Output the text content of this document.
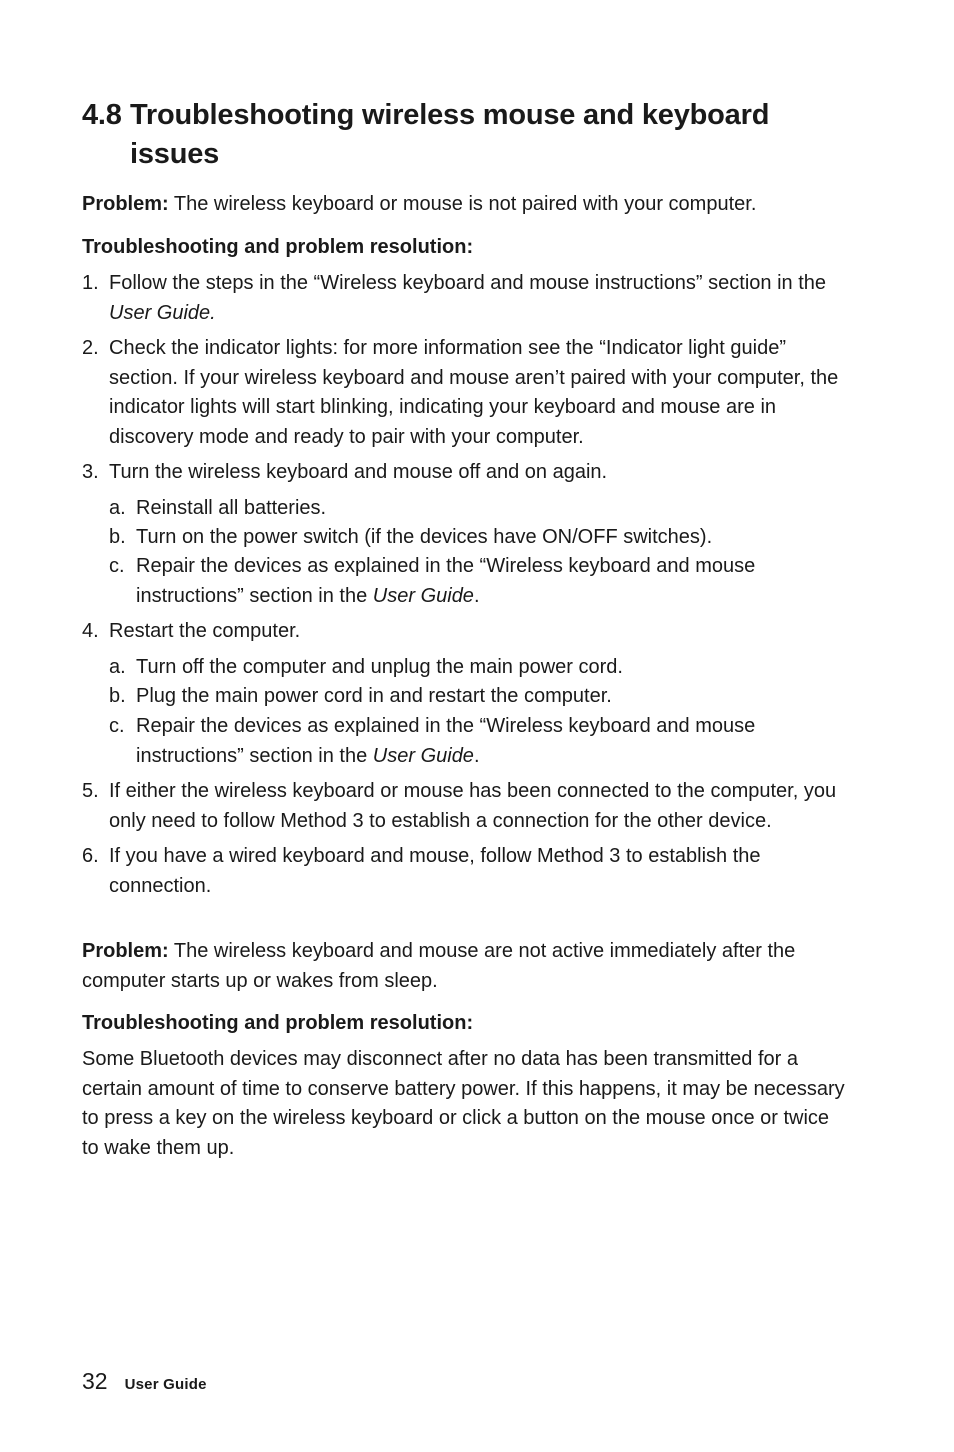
4.8 Troubleshooting wireless mouse and keyboard
issues
Problem: The wireless keyboard or mouse is not paired with your computer.
Troubleshooting and problem resolution:
1. Follow the steps in the “Wireless keyboard and mouse instructions” section in the User Guide.
2. Check the indicator lights: for more information see the “Indicator light guide” section. If your wireless keyboard and mouse aren’t paired with your computer, the indicator lights will start blinking, indicating your keyboard and mouse are in discovery mode and ready to pair with your computer.
3. Turn the wireless keyboard and mouse off and on again.
a. Reinstall all batteries.
b. Turn on the power switch (if the devices have ON/OFF switches).
c. Repair the devices as explained in the “Wireless keyboard and mouse instructions” section in the User Guide.
4. Restart the computer.
a. Turn off the computer and unplug the main power cord.
b. Plug the main power cord in and restart the computer.
c. Repair the devices as explained in the “Wireless keyboard and mouse instructions” section in the User Guide.
5. If either the wireless keyboard or mouse has been connected to the computer, you only need to follow Method 3 to establish a connection for the other device.
6. If you have a wired keyboard and mouse, follow Method 3 to establish the connection.
Problem: The wireless keyboard and mouse are not active immediately after the computer starts up or wakes from sleep.
Troubleshooting and problem resolution:
Some Bluetooth devices may disconnect after no data has been transmitted for a certain amount of time to conserve battery power. If this happens, it may be necessary to press a key on the wireless keyboard or click a button on the mouse once or twice to wake them up.
32 User Guide
